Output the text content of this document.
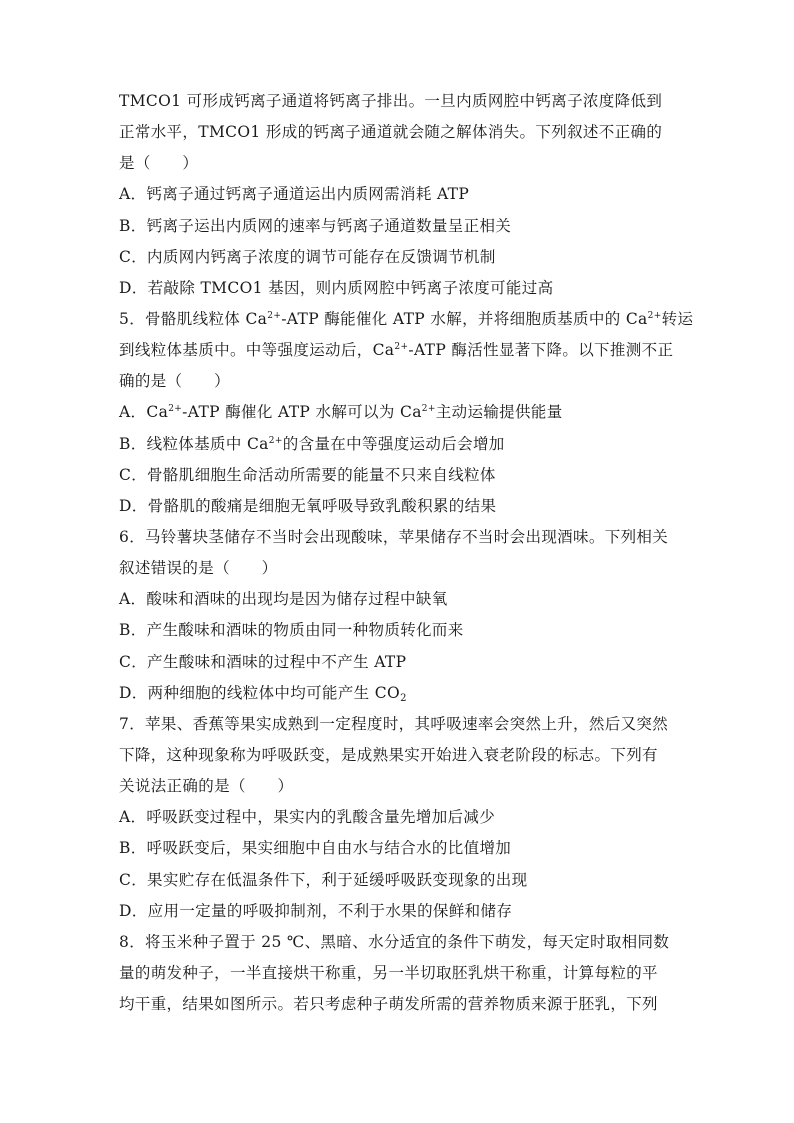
TMCO1 可形成钙离子通道将钙离子排出。一旦内质网腔中钙离子浓度降低到
正常水平，TMCO1 形成的钙离子通道就会随之解体消失。下列叙述不正确的
是（　　）
A．钙离子通过钙离子通道运出内质网需消耗 ATP
B．钙离子运出内质网的速率与钙离子通道数量呈正相关
C．内质网内钙离子浓度的调节可能存在反馈调节机制
D．若敲除 TMCO1 基因，则内质网腔中钙离子浓度可能过高
5．骨骼肌线粒体 $Ca^{2+}$-ATP 酶能催化 ATP 水解，并将细胞质基质中的 $Ca^{2+}$转运
到线粒体基质中。中等强度运动后，$Ca^{2+}$-ATP 酶活性显著下降。以下推测不正
确的是（　　）
A．$Ca^{2+}$-ATP 酶催化 ATP 水解可以为 $Ca^{2+}$主动运输提供能量
B．线粒体基质中 $Ca^{2+}$的含量在中等强度运动后会增加
C．骨骼肌细胞生命活动所需要的能量不只来自线粒体
D．骨骼肌的酸痛是细胞无氧呼吸导致乳酸积累的结果
6．马铃薯块茎储存不当时会出现酸味，苹果储存不当时会出现酒味。下列相关
叙述错误的是（　　）
A．酸味和酒味的出现均是因为储存过程中缺氧
B．产生酸味和酒味的物质由同一种物质转化而来
C．产生酸味和酒味的过程中不产生 ATP
D．两种细胞的线粒体中均可能产生 $CO_2$
7．苹果、香蕉等果实成熟到一定程度时，其呼吸速率会突然上升，然后又突然
下降，这种现象称为呼吸跃变，是成熟果实开始进入衰老阶段的标志。下列有
关说法正确的是（　　）
A．呼吸跃变过程中，果实内的乳酸含量先增加后减少
B．呼吸跃变后，果实细胞中自由水与结合水的比值增加
C．果实贮存在低温条件下，利于延缓呼吸跃变现象的出现
D．应用一定量的呼吸抑制剂，不利于水果的保鲜和储存
8．将玉米种子置于 25 ℃、黑暗、水分适宜的条件下萌发，每天定时取相同数
量的萌发种子，一半直接烘干称重，另一半切取胚乳烘干称重，计算每粒的平
均干重，结果如图所示。若只考虑种子萌发所需的营养物质来源于胚乳，下列
